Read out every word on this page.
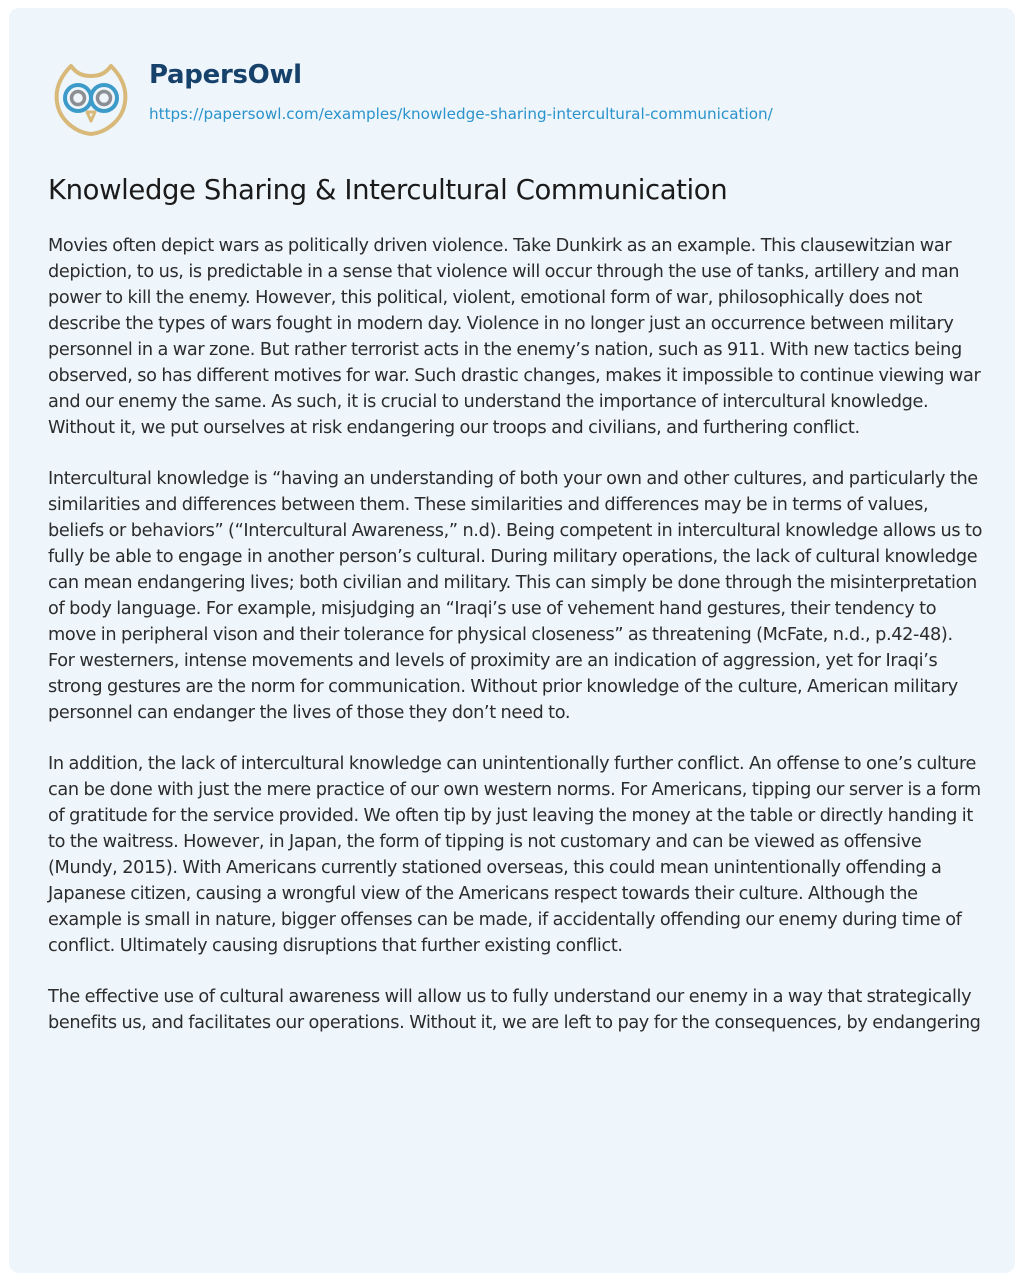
PapersOwl
https://papersowl.com/examples/knowledge-sharing-intercultural-communication/
Knowledge Sharing & Intercultural Communication

Movies often depict wars as politically driven violence. Take Dunkirk as an example. This clausewitzian war depiction, to us, is predictable in a sense that violence will occur through the use of tanks, artillery and man power to kill the enemy. However, this political, violent, emotional form of war, philosophically does not describe the types of wars fought in modern day. Violence in no longer just an occurrence between military personnel in a war zone. But rather terrorist acts in the enemy’s nation, such as 911. With new tactics being observed, so has different motives for war. Such drastic changes, makes it impossible to continue viewing war and our enemy the same. As such, it is crucial to understand the importance of intercultural knowledge. Without it, we put ourselves at risk endangering our troops and civilians, and furthering conflict.

Intercultural knowledge is “having an understanding of both your own and other cultures, and particularly the similarities and differences between them. These similarities and differences may be in terms of values, beliefs or behaviors” (“Intercultural Awareness,” n.d). Being competent in intercultural knowledge allows us to fully be able to engage in another person’s cultural. During military operations, the lack of cultural knowledge can mean endangering lives; both civilian and military. This can simply be done through the misinterpretation of body language. For example, misjudging an “Iraqi’s use of vehement hand gestures, their tendency to move in peripheral vison and their tolerance for physical closeness” as threatening (McFate, n.d., p.42-48). For westerners, intense movements and levels of proximity are an indication of aggression, yet for Iraqi’s strong gestures are the norm for communication. Without prior knowledge of the culture, American military personnel can endanger the lives of those they don’t need to.

In addition, the lack of intercultural knowledge can unintentionally further conflict. An offense to one’s culture can be done with just the mere practice of our own western norms. For Americans, tipping our server is a form of gratitude for the service provided. We often tip by just leaving the money at the table or directly handing it to the waitress. However, in Japan, the form of tipping is not customary and can be viewed as offensive (Mundy, 2015). With Americans currently stationed overseas, this could mean unintentionally offending a Japanese citizen, causing a wrongful view of the Americans respect towards their culture. Although the example is small in nature, bigger offenses can be made, if accidentally offending our enemy during time of conflict. Ultimately causing disruptions that further existing conflict.

The effective use of cultural awareness will allow us to fully understand our enemy in a way that strategically benefits us, and facilitates our operations. Without it, we are left to pay for the consequences, by endangering
